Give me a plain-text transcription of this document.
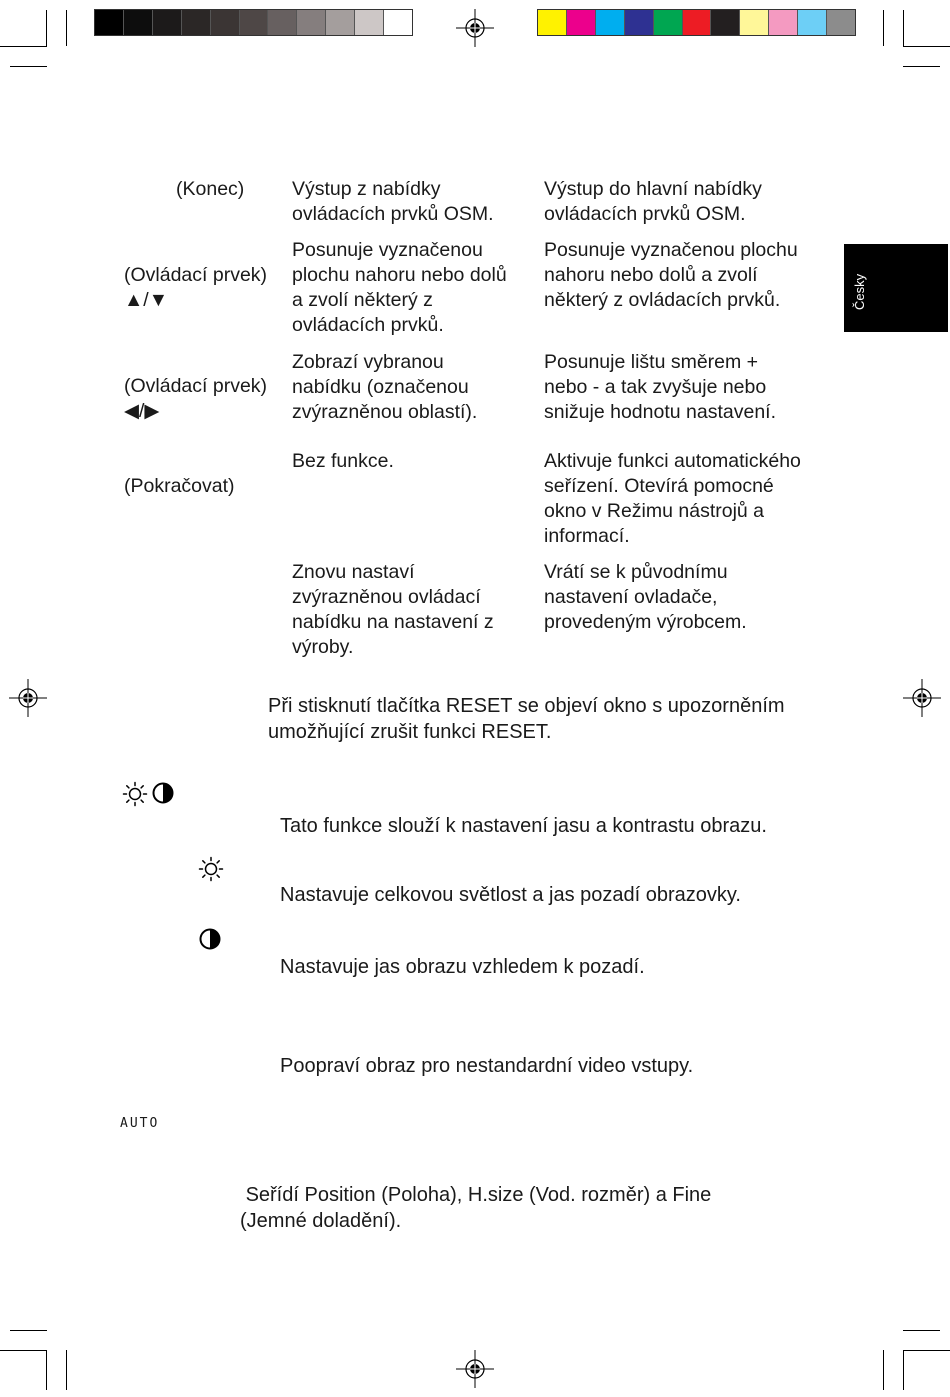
Česky
(Konec) Výstup z nabídky
ovládacích prvků OSM.
Výstup do hlavní nabídky
ovládacích prvků OSM.
(Ovládací prvek)
▲/▼
Posunuje vyznačenou
plochu nahoru nebo dolů
a zvolí některý z
ovládacích prvků.
Posunuje vyznačenou plochu
nahoru nebo dolů a zvolí
některý z ovládacích prvků.
(Ovládací prvek)
◀/▶
Zobrazí vybranou
nabídku (označenou
zvýrazněnou oblastí).
Posunuje lištu směrem +
nebo - a tak zvyšuje nebo
snižuje hodnotu nastavení.
(Pokračovat)
Bez funkce.	Aktivuje funkci automatického
seřízení. Otevírá pomocné
okno v Režimu nástrojů a
informací.
Znovu nastaví
zvýrazněnou ovládací
nabídku na nastavení z
výroby.
Vrátí se k původnímu
nastavení ovladače,
provedeným výrobcem.
Při stisknutí tlačítka RESET se objeví okno s upozorněním
umožňující zrušit funkci RESET.
Tato funkce slouží k nastavení jasu a kontrastu obrazu.
Nastavuje celkovou světlost a jas pozadí obrazovky.
Nastavuje jas obrazu vzhledem k pozadí.
Poopraví obraz pro nestandardní video vstupy.
AUTO
Seřídí Position (Poloha), H.size (Vod. rozměr) a Fine
(Jemné doladění).
